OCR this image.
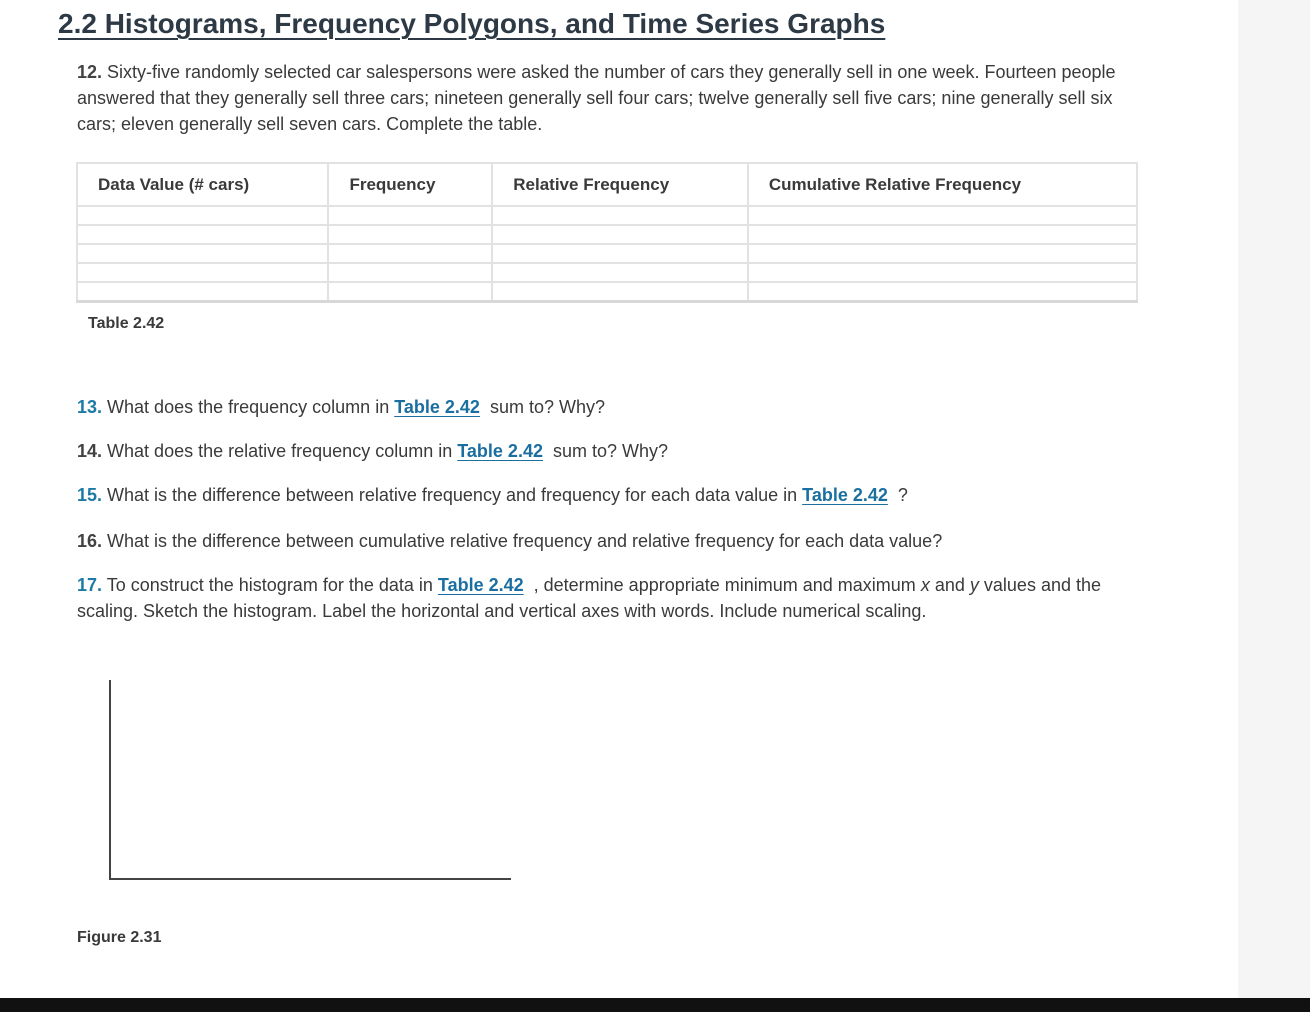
2.2 Histograms, Frequency Polygons, and Time Series Graphs

12. Sixty-five randomly selected car salespersons were asked the number of cars they generally sell in one week. Fourteen people answered that they generally sell three cars; nineteen generally sell four cars; twelve generally sell five cars; nine generally sell six cars; eleven generally sell seven cars. Complete the table.

Data Value (# cars)	Frequency	Relative Frequency	Cumulative Relative Frequency

Table 2.42

13. What does the frequency column in Table 2.42 sum to? Why?

14. What does the relative frequency column in Table 2.42 sum to? Why?

15. What is the difference between relative frequency and frequency for each data value in Table 2.42 ?

16. What is the difference between cumulative relative frequency and relative frequency for each data value?

17. To construct the histogram for the data in Table 2.42 , determine appropriate minimum and maximum x and y values and the scaling. Sketch the histogram. Label the horizontal and vertical axes with words. Include numerical scaling.

Figure 2.31
